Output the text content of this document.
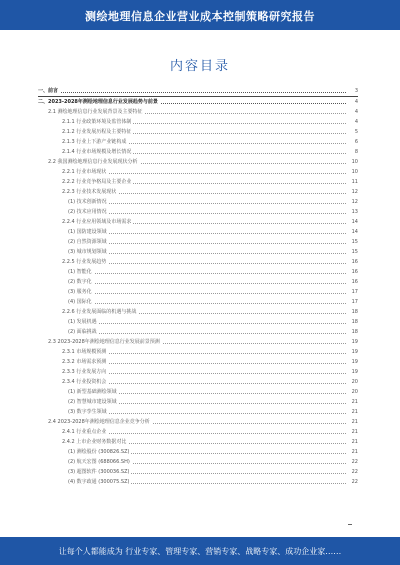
测绘地理信息企业营业成本控制策略研究报告
内容目录
一、前言	3
二、2023-2028年测绘地理信息行业发展趋势与前景	4
2.1 测绘地理信息行业发展背景及主要特征	4
2.1.1 行业政策环境及监管体制	4
2.1.2 行业发展历程及主要特征	5
2.1.3 行业上下游产业链构成	6
2.1.4 行业市场规模及增长情况	8
2.2 我国测绘地理信息行业发展现状分析	10
2.2.1 行业市场现状	10
2.2.2 行业竞争格局及主要企业	11
2.2.3 行业技术发展现状	12
(1) 技术创新情况	12
(2) 技术应用情况	13
2.2.4 行业应用领域及市场需求	14
(1) 国防建设领域	14
(2) 自然资源领域	15
(3) 城市规划领域	15
2.2.5 行业发展趋势	16
(1) 智能化	16
(2) 数字化	16
(3) 服务化	17
(4) 国际化	17
2.2.6 行业发展面临的机遇与挑战	18
(1) 发展机遇	18
(2) 面临挑战	18
2.3 2023-2028年测绘地理信息行业发展前景预测	19
2.3.1 市场规模预测	19
2.3.2 市场需求预测	19
2.3.3 行业发展方向	19
2.3.4 行业投资机会	20
(1) 新型基础测绘领域	20
(2) 智慧城市建设领域	21
(3) 数字孪生领域	21
2.4 2023-2028年测绘地理信息企业竞争分析	21
2.4.1 行业重点企业	21
2.4.2 上市企业财务数据对比	21
(1) 测绘股份 (300826.SZ)	21
(2) 航天宏图 (688066.SH)	22
(3) 超图软件 (300036.SZ)	22
(4) 数字政通 (300075.SZ)	22
让每个人都能成为 行业专家、管理专家、营销专家、战略专家、成功企业家……
